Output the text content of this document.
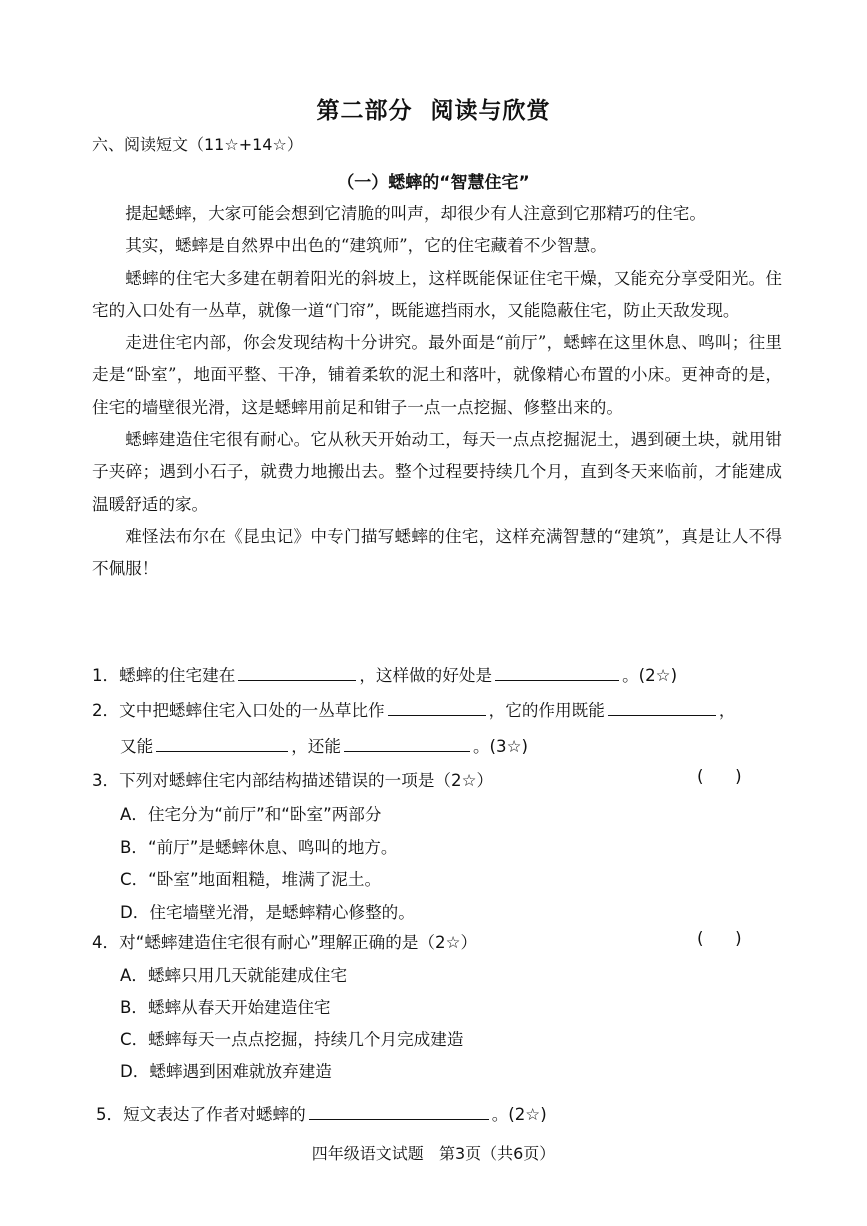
第二部分  阅读与欣赏
六、阅读短文（11☆+14☆）
（一）蟋蟀的“智慧住宅”

提起蟋蟀，大家可能会想到它清脆的叫声，却很少有人注意到它那精巧的住宅。

其实，蟋蟀是自然界中出色的“建筑师”，它的住宅藏着不少智慧。

蟋蟀的住宅大多建在朝着阳光的斜坡上，这样既能保证住宅干燥，又能充分享受阳光。住宅的入口处有一丛草，就像一道“门帘”，既能遮挡雨水，又能隐蔽住宅，防止天敌发现。

走进住宅内部，你会发现结构十分讲究。最外面是“前厅”，蟋蟀在这里休息、鸣叫；往里走是“卧室”，地面平整、干净，铺着柔软的泥土和落叶，就像精心布置的小床。更神奇的是，住宅的墙壁很光滑，这是蟋蟀用前足和钳子一点一点挖掘、修整出来的。

蟋蟀建造住宅很有耐心。它从秋天开始动工，每天一点点挖掘泥土，遇到硬土块，就用钳子夹碎；遇到小石子，就费力地搬出去。整个过程要持续几个月，直到冬天来临前，才能建成温暖舒适的家。

难怪法布尔在《昆虫记》中专门描写蟋蟀的住宅，这样充满智慧的“建筑”，真是让人不得不佩服！

1．蟋蟀的住宅建在	，这样做的好处是	。(2☆)
2．文中把蟋蟀住宅入口处的一丛草比作	，它的作用既能	，
又能	，还能	。(3☆)
3．下列对蟋蟀住宅内部结构描述错误的一项是（2☆）	(      )
A．住宅分为“前厅”和“卧室”两部分
B．“前厅”是蟋蟀休息、鸣叫的地方。
C．“卧室”地面粗糙，堆满了泥土。
D．住宅墙壁光滑，是蟋蟀精心修整的。
4．对“蟋蟀建造住宅很有耐心”理解正确的是（2☆）	(      )
A．蟋蟀只用几天就能建成住宅
B．蟋蟀从春天开始建造住宅
C．蟋蟀每天一点点挖掘，持续几个月完成建造
D．蟋蟀遇到困难就放弃建造
5．短文表达了作者对蟋蟀的	。(2☆)
四年级语文试题   第3页（共6页）
